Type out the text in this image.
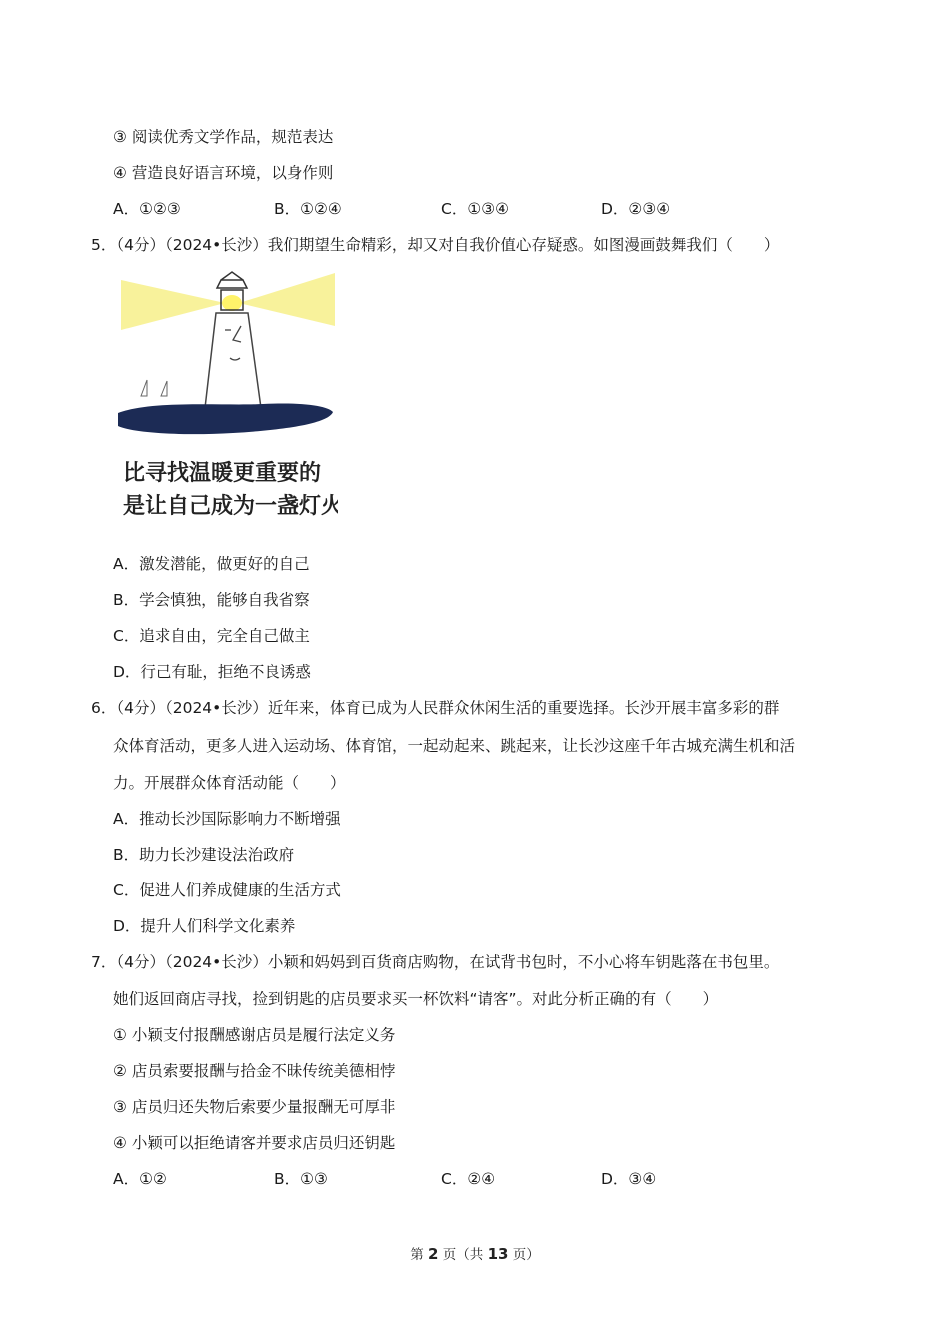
③ 阅读优秀文学作品，规范表达
④ 营造良好语言环境，以身作则
A．①②③	B．①②④	C．①③④	D．②③④
5．（4分）（2024•长沙）我们期望生命精彩，却又对自我价值心存疑惑。如图漫画鼓舞我们（　　）
比寻找温暖更重要的
是让自己成为一盏灯火
A．激发潜能，做更好的自己
B．学会慎独，能够自我省察
C．追求自由，完全自己做主
D．行己有耻，拒绝不良诱惑
6．（4分）（2024•长沙）近年来，体育已成为人民群众休闲生活的重要选择。长沙开展丰富多彩的群
众体育活动，更多人进入运动场、体育馆，一起动起来、跳起来，让长沙这座千年古城充满生机和活
力。开展群众体育活动能（　　）
A．推动长沙国际影响力不断增强
B．助力长沙建设法治政府
C．促进人们养成健康的生活方式
D．提升人们科学文化素养
7．（4分）（2024•长沙）小颖和妈妈到百货商店购物，在试背书包时，不小心将车钥匙落在书包里。
她们返回商店寻找，捡到钥匙的店员要求买一杯饮料“请客”。对此分析正确的有（　　）
① 小颖支付报酬感谢店员是履行法定义务
② 店员索要报酬与拾金不昧传统美德相悖
③ 店员归还失物后索要少量报酬无可厚非
④ 小颖可以拒绝请客并要求店员归还钥匙
A．①②	B．①③	C．②④	D．③④
第 2 页（共 13 页）
